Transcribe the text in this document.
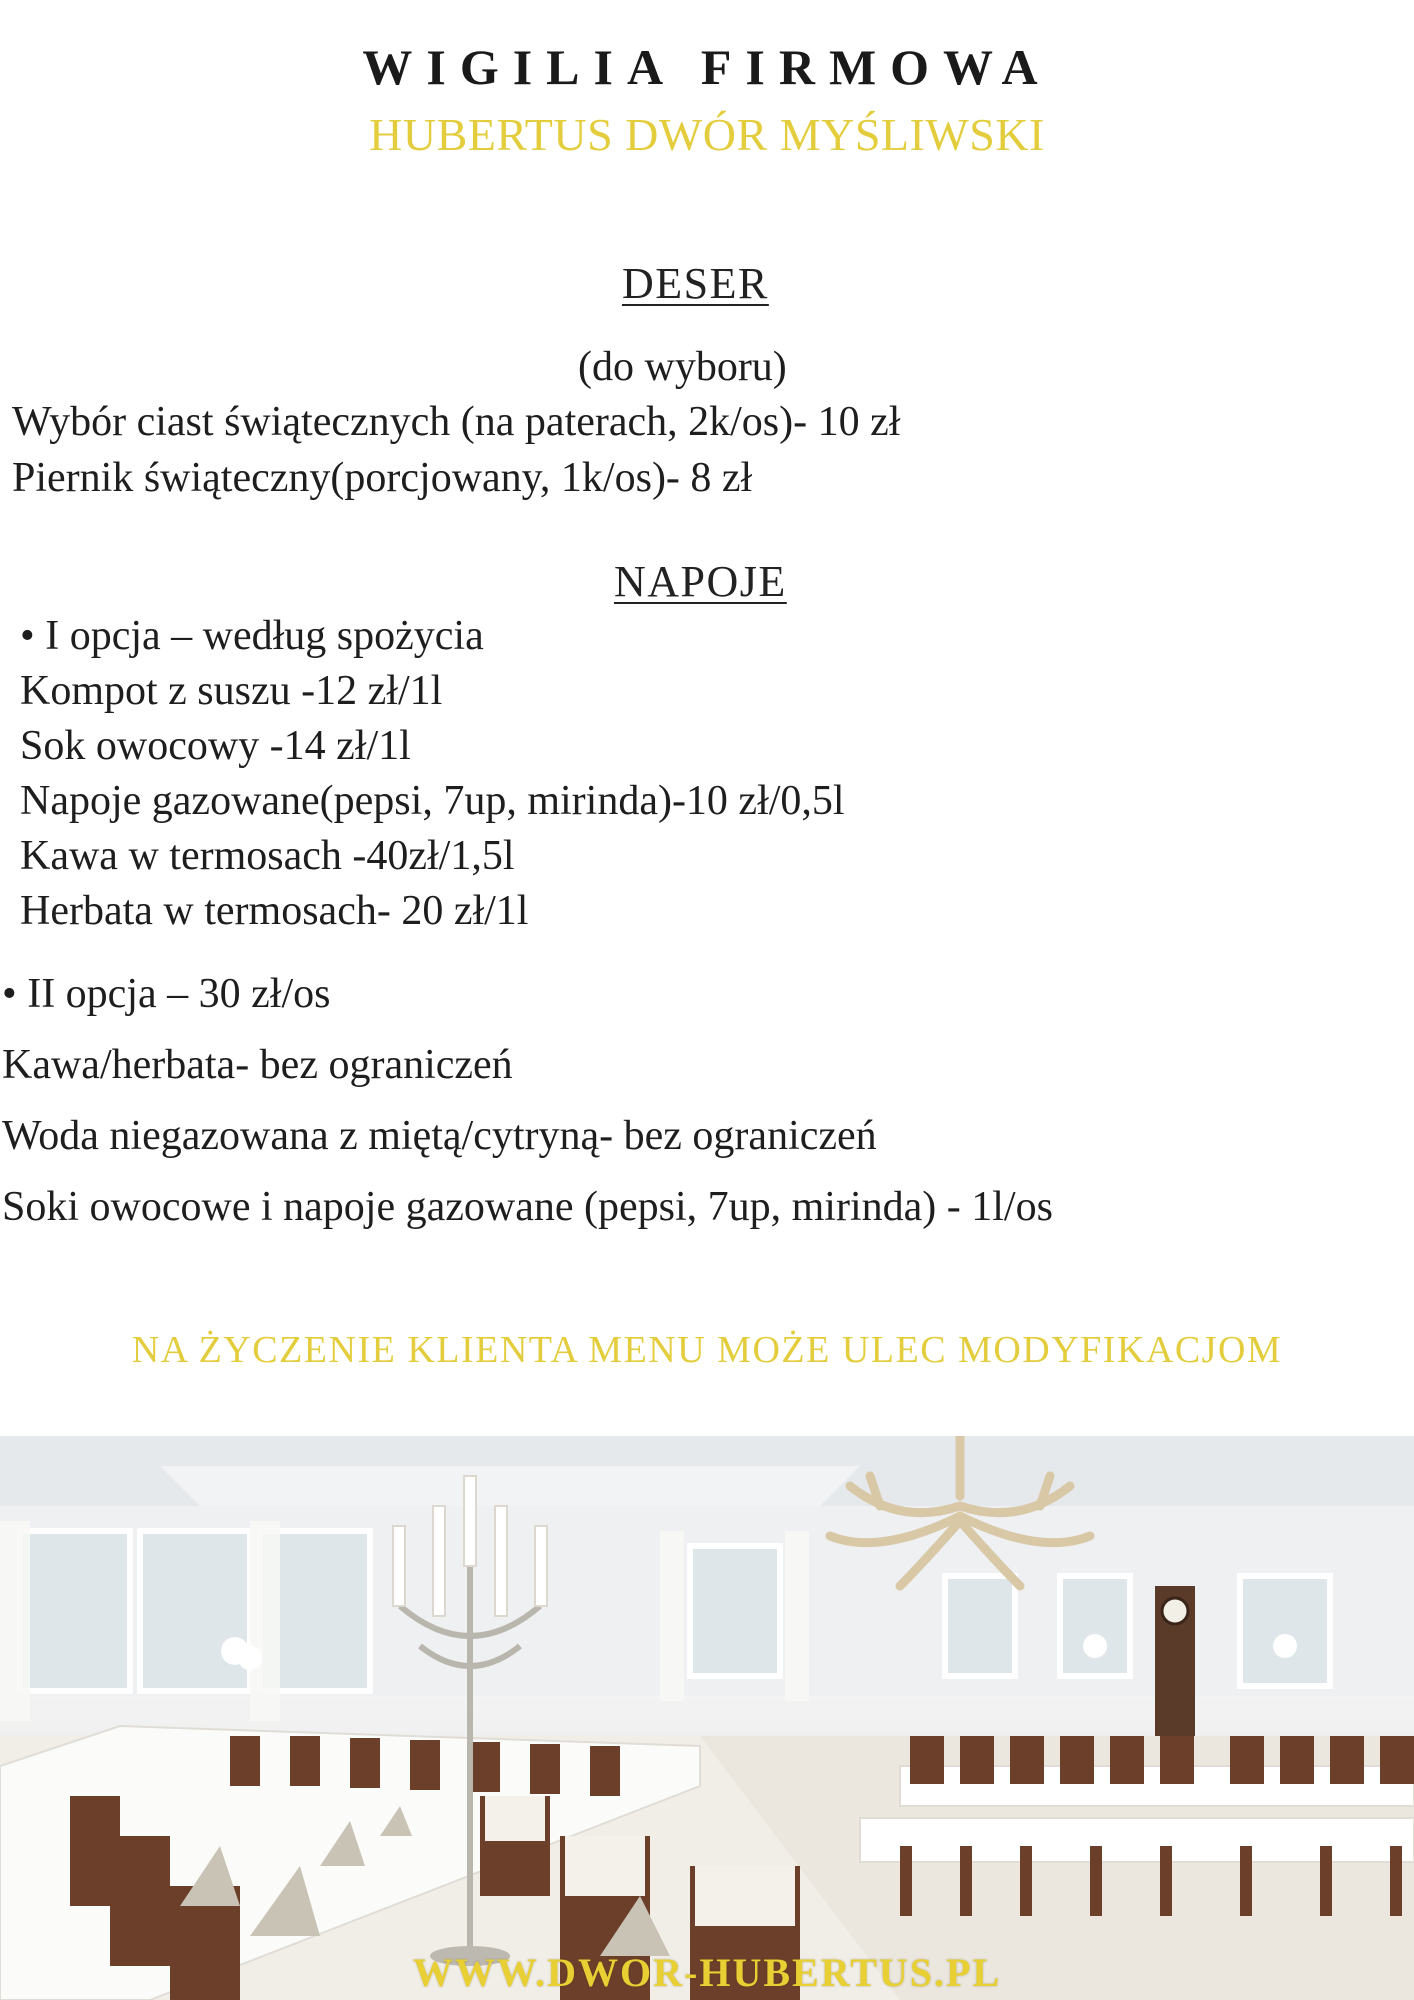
WIGILIA FIRMOWA
HUBERTUS DWÓR MYŚLIWSKI
DESER
(do wyboru)
Wybór ciast świątecznych (na paterach, 2k/os)- 10 zł
Piernik świąteczny(porcjowany, 1k/os)- 8 zł
NAPOJE
• I opcja – według spożycia
Kompot z suszu -12 zł/1l
Sok owocowy -14 zł/1l
Napoje gazowane(pepsi, 7up, mirinda)-10 zł/0,5l
Kawa w termosach -40zł/1,5l
Herbata w termosach- 20 zł/1l
• II opcja – 30 zł/os
Kawa/herbata- bez ograniczeń
Woda niegazowana z miętą/cytryną- bez ograniczeń
Soki owocowe i napoje gazowane (pepsi, 7up, mirinda) - 1l/os
NA ŻYCZENIE KLIENTA MENU MOŻE ULEC MODYFIKACJOM
WWW.DWOR-HUBERTUS.PL
